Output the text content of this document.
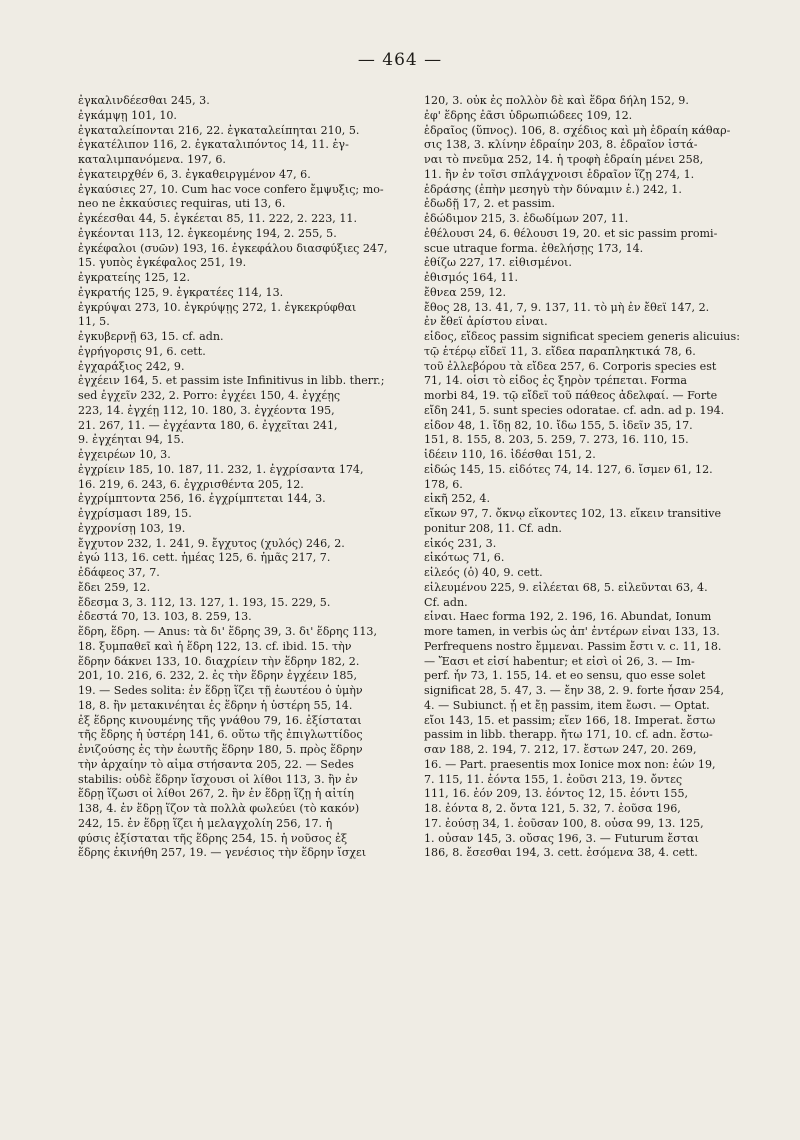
— 464 —
ἐγκαλινδέεσθαι 245, 3.
ἐγκάμψῃ 101, 10.
ἐγκαταλείπονται 216, 22. ἐγκαταλείπηται 210, 5.
ἐγκατέλιπον 116, 2. ἐγκαταλιπόντος 14, 11. ἐγ-
καταλιμπανόμενα. 197, 6.
ἐγκατειρχθέν 6, 3. ἐγκαθειργμένον 47, 6.
ἐγκαύσιες 27, 10. Cum hac voce confero ἔμψυξις; mo-
neo ne ἐκκαύσιες requiras, uti 13, 6.
ἐγκέεσθαι 44, 5. ἐγκέεται 85, 11. 222, 2. 223, 11.
ἐγκέονται 113, 12. ἐγκεομένης 194, 2. 255, 5.
ἐγκέφαλοι (συῶν) 193, 16. ἐγκεφάλου διασφύξιες 247,
15. γυπὸς ἐγκέφαλος 251, 19.
ἐγκρατείης 125, 12.
ἐγκρατής 125, 9. ἐγκρατέες 114, 13.
ἐγκρύψαι 273, 10. ἐγκρύψῃς 272, 1. ἐγκεκρύφθαι
11, 5.
ἐγκυβερνῇ 63, 15. cf. adn.
ἐγρήγορσις 91, 6. cett.
ἐγχαράξιος 242, 9.
ἐγχέειν 164, 5. et passim iste Infinitivus in libb. therr.;
sed ἐγχεῖν 232, 2. Porro: ἐγχέει 150, 4. ἐγχέῃς
223, 14. ἐγχέῃ 112, 10. 180, 3. ἐγχέοντα 195,
21. 267, 11. — ἐγχέαντα 180, 6. ἐγχεῖται 241,
9. ἐγχέηται 94, 15.
ἐγχειρέων 10, 3.
ἐγχρίειν 185, 10. 187, 11. 232, 1. ἐγχρίσαντα 174,
16. 219, 6. 243, 6. ἐγχρισθέντα 205, 12.
ἐγχρίμπτοντα 256, 16. ἐγχρίμπτεται 144, 3.
ἐγχρίσμασι 189, 15.
ἐγχρονίσῃ 103, 19.
ἔγχυτον 232, 1. 241, 9. ἔγχυτος (χυλός) 246, 2.
ἐγώ 113, 16. cett. ἡμέας 125, 6. ἡμᾶς 217, 7.
ἐδάφεος 37, 7.
ἔδει 259, 12.
ἔδεσμα 3, 3. 112, 13. 127, 1. 193, 15. 229, 5.
ἐδεστά 70, 13. 103, 8. 259, 13.
ἕδρη, ἕδρη. — Anus: τὰ δι' ἕδρης 39, 3. δι' ἕδρης 113,
18. ξυμπαθεῖ καὶ ἡ ἕδρη 122, 13. cf. ibid. 15. τὴν
ἕδρην δάκνει 133, 10. διαχρίειν τὴν ἕδρην 182, 2.
201, 10. 216, 6. 232, 2. ἐς τὴν ἕδρην ἐγχέειν 185,
19. — Sedes solita: ἐν ἕδρῃ ἵζει τῇ ἑωυτέου ὁ ὑμὴν
18, 8. ἢν μετακινέηται ἐς ἕδρην ἡ ὑστέρη 55, 14.
ἐξ ἕδρης κινουμένης τῆς γνάθου 79, 16. ἐξίσταται
τῆς ἕδρης ἡ ὑστέρη 141, 6. οὕτω τῆς ἐπιγλωττίδος
ἐνιζούσης ἐς τὴν ἑωυτῆς ἕδρην 180, 5. πρὸς ἕδρην
τὴν ἀρχαίην τὸ αἷμα στήσαντα 205, 22. — Sedes
stabilis: οὐδὲ ἕδρην ἴσχουσι οἱ λίθοι 113, 3. ἢν ἐν
ἕδρῃ ἵζωσι οἱ λίθοι 267, 2. ἢν ἐν ἕδρῃ ἵζῃ ἡ αἰτίη
138, 4. ἐν ἕδρῃ ἵζον τὰ πολλὰ φωλεύει (τὸ κακόν)
242, 15. ἐν ἕδρῃ ἵζει ἡ μελαγχολίη 256, 17. ἡ
φύσις ἐξίσταται τῆς ἕδρης 254, 15. ἡ νοῦσος ἐξ
ἕδρης ἐκινήθη 257, 19. — γενέσιος τὴν ἕδρην ἴσχει
120, 3. οὐκ ἐς πολλὸν δὲ καὶ ἕδρα δήλη 152, 9.
ἐφ' ἕδρης ἐᾶσι ὑδρωπιώδεες 109, 12.
ἑδραῖος (ὕπνος). 106, 8. σχέδιος καὶ μὴ ἑδραίη κάθαρ-
σις 138, 3. κλίνην ἑδραίην 203, 8. ἑδραῖον ἱστά-
ναι τὸ πνεῦμα 252, 14. ἡ τροφὴ ἑδραίη μένει 258,
11. ἢν ἐν τοῖσι σπλάγχνοισι ἑδραῖον ἵζῃ 274, 1.
ἑδράσης (ἐπὴν μεσηγὺ τὴν δύναμιν ἑ.) 242, 1.
ἐδωδῇ 17, 2. et passim.
ἐδώδιμον 215, 3. ἐδωδίμων 207, 11.
ἐθέλουσι 24, 6. θέλουσι 19, 20. et sic passim promi-
scue utraque forma. ἐθελήσῃς 173, 14.
ἐθίζω 227, 17. εἰθισμένοι.
ἐθισμός 164, 11.
ἔθνεα 259, 12.
ἔθος 28, 13. 41, 7, 9. 137, 11. τὸ μὴ ἐν ἔθεϊ 147, 2.
ἐν ἔθεϊ ἀρίστου εἶναι.
εἶδος, εἴδεος passim significat speciem generis alicuius:
τῷ ἑτέρῳ εἴδεϊ 11, 3. εἴδεα παραπληκτικά 78, 6.
τοῦ ἐλλεβόρου τὰ εἴδεα 257, 6. Corporis species est
71, 14. οἷσι τὸ εἶδος ἐς ξηρὸν τρέπεται. Forma
morbi 84, 19. τῷ εἴδεϊ τοῦ πάθεος ἀδελφαί. — Forte
εἴδη 241, 5. sunt species odoratae. cf. adn. ad p. 194.
εἶδον 48, 1. ἴδῃ 82, 10. ἴδω 155, 5. ἰδεῖν 35, 17.
151, 8. 155, 8. 203, 5. 259, 7. 273, 16. 110, 15.
ἰδέειν 110, 16. ἰδέσθαι 151, 2.
εἰδώς 145, 15. εἰδότες 74, 14. 127, 6. ἴσμεν 61, 12.
178, 6.
εἰκῆ 252, 4.
εἴκων 97, 7. ὄκνῳ εἴκοντες 102, 13. εἴκειν transitive
ponitur 208, 11. Cf. adn.
εἰκός 231, 3.
εἰκότως 71, 6.
εἰλεός (ὁ) 40, 9. cett.
εἰλευμένου 225, 9. εἰλέεται 68, 5. εἰλεῦνται 63, 4.
Cf. adn.
εἶναι. Haec forma 192, 2. 196, 16. Abundat, Ionum
more tamen, in verbis ὡς ἀπ' ἐντέρων εἶναι 133, 13.
Perfrequens nostro ἔμμεναι. Passim ἔστι v. c. 11, 18.
— Ἔασι et εἰσί habentur; et εἰσὶ οἱ 26, 3. — Im-
perf. ἦν 73, 1. 155, 14. et eo sensu, quo esse solet
significat 28, 5. 47, 3. — ἔην 38, 2. 9. forte ἦσαν 254,
4. — Subiunct. ᾖ et ἔῃ passim, item ἔωσι. — Optat.
εἴοι 143, 15. et passim; εἴεν 166, 18. Imperat. ἔστω
passim in libb. therapp. ἤτω 171, 10. cf. adn. ἔστω-
σαν 188, 2. 194, 7. 212, 17. ἔστων 247, 20. 269,
16. — Part. praesentis mox Ionice mox non: ἐών 19,
7. 115, 11. ἐόντα 155, 1. ἐοῦσι 213, 19. ὄντες
111, 16. ἐόν 209, 13. ἐόντος 12, 15. ἐόντι 155,
18. ἐόντα 8, 2. ὄντα 121, 5. 32, 7. ἐοῦσα 196,
17. ἐούσῃ 34, 1. ἐοῦσαν 100, 8. οὖσα 99, 13. 125,
1. οὖσαν 145, 3. οὔσας 196, 3. — Futurum ἔσται
186, 8. ἔσεσθαι 194, 3. cett. ἐσόμενα 38, 4. cett.
